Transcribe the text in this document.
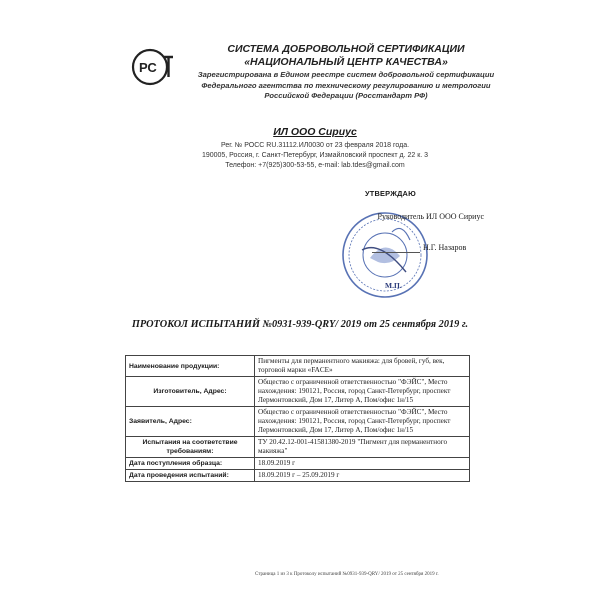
РС
СИСТЕМА ДОБРОВОЛЬНОЙ СЕРТИФИКАЦИИ
«НАЦИОНАЛЬНЫЙ ЦЕНТР КАЧЕСТВА»
Зарегистрирована в Едином реестре систем добровольной сертификации Федерального агентства по техническому регулированию и метрологии Российской Федерации (Росстандарт РФ)
ИЛ ООО Сириус
Рег. № РОСС RU.31112.ИЛ0030 от 23 февраля 2018 года.
190005, Россия, г. Санкт-Петербург, Измайловский проспект д. 22 к. 3
Телефон: +7(925)300-53-55, e-mail: lab.tdes@gmail.com
УТВЕРЖДАЮ
Руководитель ИЛ ООО Сириус
Н.Г. Назаров
М.П.
ПРОТОКОЛ ИСПЫТАНИЙ №0931-939-QRY/ 2019 от 25 сентября 2019 г.
Наименование продукции:	Пигменты для перманентного макияжа: для бровей, губ, век, торговой марки «FACE»
Изготовитель, Адрес:	Общество с ограниченной ответственностью "ФЭЙС", Место нахождения: 190121, Россия, город Санкт-Петербург, проспект Лермонтовский, Дом 17, Литер А, Пом/офис 1н/15
Заявитель, Адрес:	Общество с ограниченной ответственностью "ФЭЙС", Место нахождения: 190121, Россия, город Санкт-Петербург, проспект Лермонтовский, Дом 17, Литер А, Пом/офис 1н/15
Испытания на соответствие требованиям:	ТУ 20.42.12-001-41581380-2019 "Пигмент для перманентного макияжа"
Дата поступления образца:	18.09.2019 г
Дата проведения испытаний:	18.09.2019 г – 25.09.2019 г
Страница 1 из 3 к Протоколу испытаний №0931-939-QRY/ 2019 от 25 сентября 2019 г.
